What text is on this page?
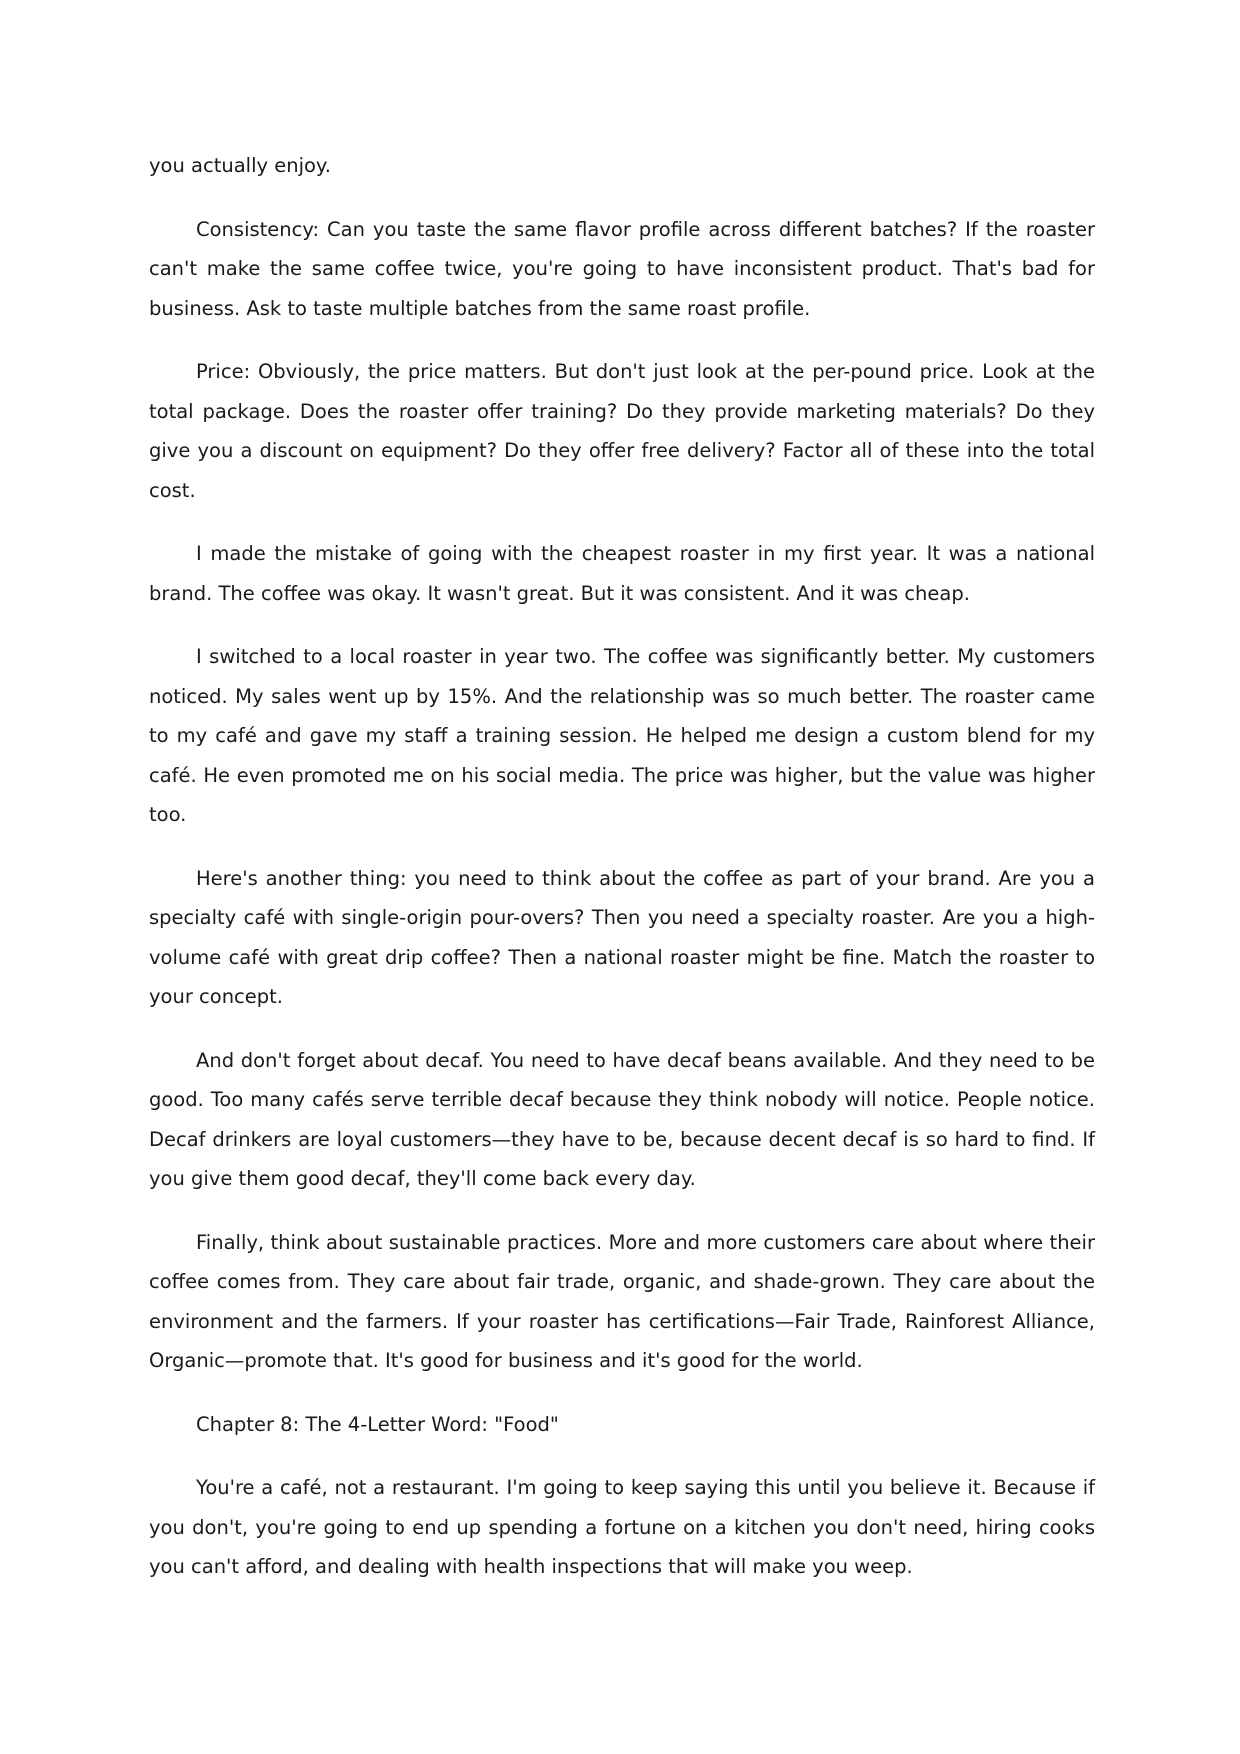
you actually enjoy.

Consistency: Can you taste the same flavor profile across different batches? If the roaster can't make the same coffee twice, you're going to have inconsistent product. That's bad for business. Ask to taste multiple batches from the same roast profile.

Price: Obviously, the price matters. But don't just look at the per-pound price. Look at the total package. Does the roaster offer training? Do they provide marketing materials? Do they give you a discount on equipment? Do they offer free delivery? Factor all of these into the total cost.

I made the mistake of going with the cheapest roaster in my first year. It was a national brand. The coffee was okay. It wasn't great. But it was consistent. And it was cheap.

I switched to a local roaster in year two. The coffee was significantly better. My customers noticed. My sales went up by 15%. And the relationship was so much better. The roaster came to my café and gave my staff a training session. He helped me design a custom blend for my café. He even promoted me on his social media. The price was higher, but the value was higher too.

Here's another thing: you need to think about the coffee as part of your brand. Are you a specialty café with single-origin pour-overs? Then you need a specialty roaster. Are you a high-volume café with great drip coffee? Then a national roaster might be fine. Match the roaster to your concept.

And don't forget about decaf. You need to have decaf beans available. And they need to be good. Too many cafés serve terrible decaf because they think nobody will notice. People notice. Decaf drinkers are loyal customers—they have to be, because decent decaf is so hard to find. If you give them good decaf, they'll come back every day.

Finally, think about sustainable practices. More and more customers care about where their coffee comes from. They care about fair trade, organic, and shade-grown. They care about the environment and the farmers. If your roaster has certifications—Fair Trade, Rainforest Alliance, Organic—promote that. It's good for business and it's good for the world.

Chapter 8: The 4-Letter Word: "Food"

You're a café, not a restaurant. I'm going to keep saying this until you believe it. Because if you don't, you're going to end up spending a fortune on a kitchen you don't need, hiring cooks you can't afford, and dealing with health inspections that will make you weep.
